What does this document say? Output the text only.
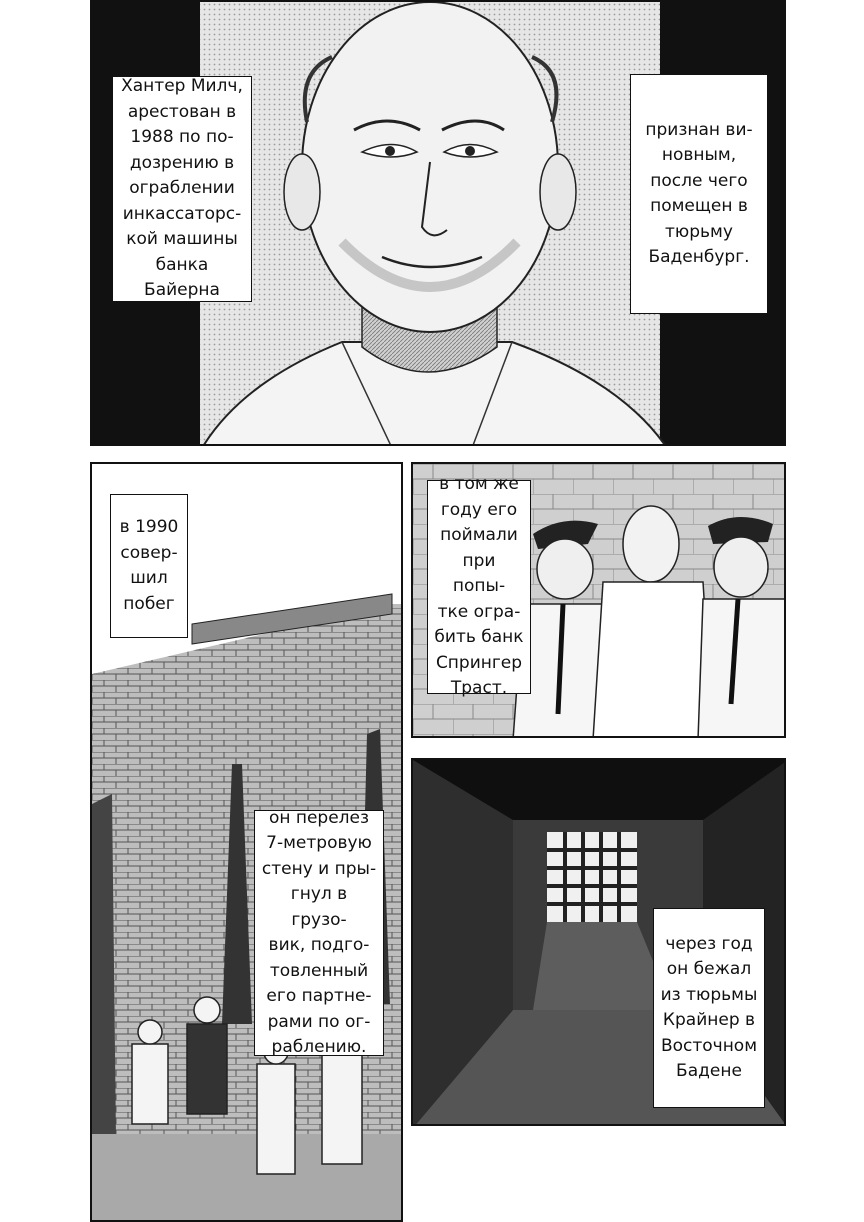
Хантер Милч,
арестован в
1988 по по-
дозрению в
ограблении
инкассаторс-
кой машины
банка Байерна
признан ви-
новным,
после чего
помещен в
тюрьму
Баденбург.
в 1990
совер-
шил
побег
он перелез
7-метровую
стену и пры-
гнул в грузо-
вик, подго-
товленный
его партне-
рами по ог-
раблению.
в том же
году его
поймали
при попы-
тке огра-
бить банк
Спрингер
Траст.
через год
он бежал
из тюрьмы
Крайнер в
Восточном
Бадене
